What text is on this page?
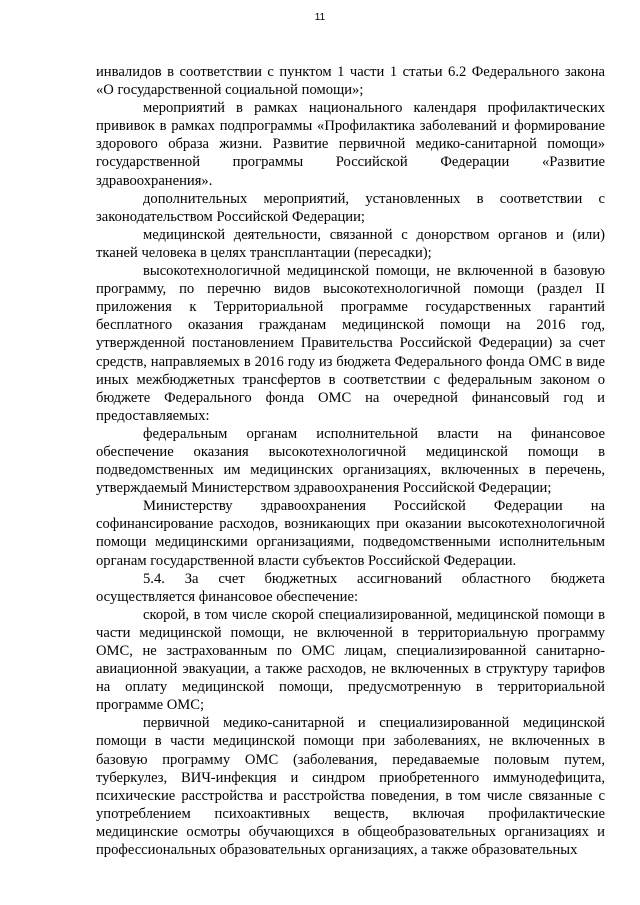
11

инвалидов в соответствии с пунктом 1 части 1 статьи 6.2 Федерального закона «О государственной социальной помощи»;

мероприятий в рамках национального календаря профилактических прививок в рамках подпрограммы «Профилактика заболеваний и формирование здорового образа жизни. Развитие первичной медико-санитарной помощи» государственной программы Российской Федерации «Развитие здравоохранения».

дополнительных мероприятий, установленных в соответствии с законодательством Российской Федерации;

медицинской деятельности, связанной с донорством органов и (или) тканей человека в целях трансплантации (пересадки);

высокотехнологичной медицинской помощи, не включенной в базовую программу, по перечню видов высокотехнологичной помощи (раздел II приложения к Территориальной программе государственных гарантий бесплатного оказания гражданам медицинской помощи на 2016 год, утвержденной постановлением Правительства Российской Федерации) за счет средств, направляемых в 2016 году из бюджета Федерального фонда ОМС в виде иных межбюджетных трансфертов в соответствии с федеральным законом о бюджете Федерального фонда ОМС на очередной финансовый год и предоставляемых:

федеральным органам исполнительной власти на финансовое обеспечение оказания высокотехнологичной медицинской помощи в подведомственных им медицинских организациях, включенных в перечень, утверждаемый Министерством здравоохранения Российской Федерации;

Министерству здравоохранения Российской Федерации на софинансирование расходов, возникающих при оказании высокотехнологичной помощи медицинскими организациями, подведомственными исполнительным органам государственной власти субъектов Российской Федерации.

5.4. За счет бюджетных ассигнований областного бюджета осуществляется финансовое обеспечение:

скорой, в том числе скорой специализированной, медицинской помощи в части медицинской помощи, не включенной в территориальную программу ОМС, не застрахованным по ОМС лицам, специализированной санитарно-авиационной эвакуации, а также расходов, не включенных в структуру тарифов на оплату медицинской помощи, предусмотренную в территориальной программе ОМС;

первичной медико-санитарной и специализированной медицинской помощи в части медицинской помощи при заболеваниях, не включенных в базовую программу ОМС (заболевания, передаваемые половым путем, туберкулез, ВИЧ-инфекция и синдром приобретенного иммунодефицита, психические расстройства и расстройства поведения, в том числе связанные с употреблением психоактивных веществ, включая профилактические медицинские осмотры обучающихся в общеобразовательных организациях и профессиональных образовательных организациях, а также образовательных
